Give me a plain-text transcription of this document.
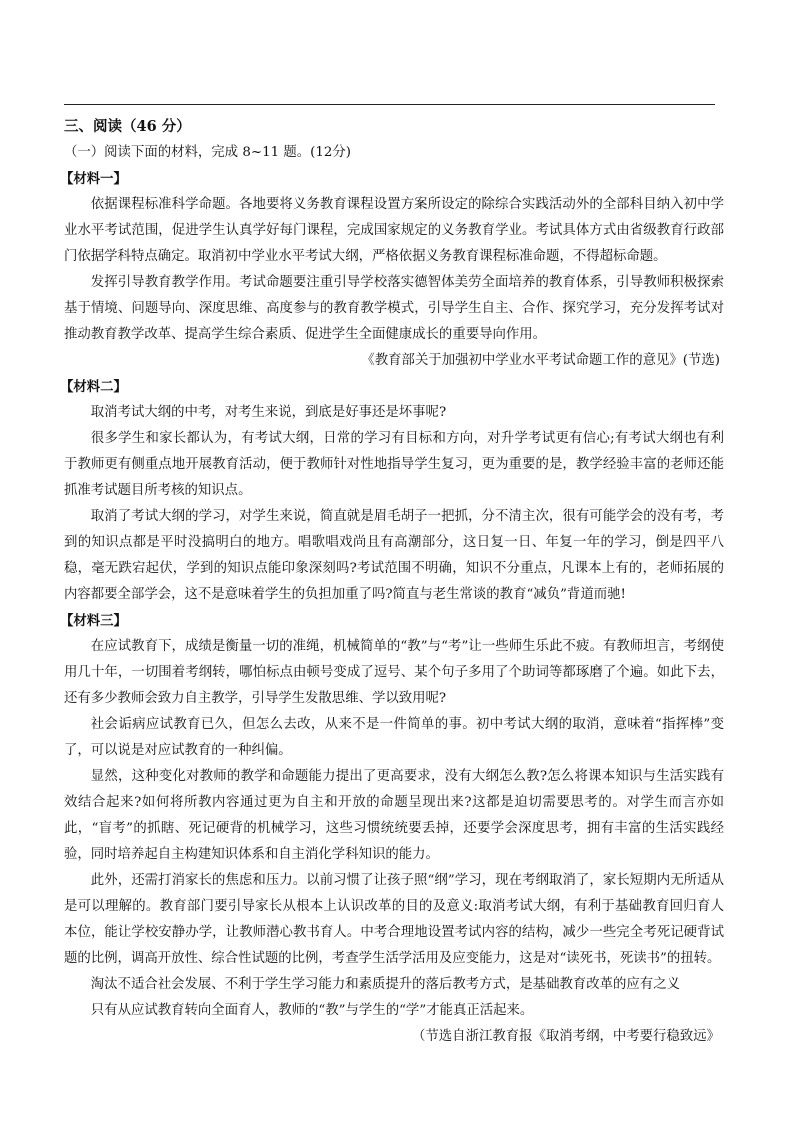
三、阅读（46 分）
（一）阅读下面的材料，完成 8~11 题。(12分)
【材料一】

依据课程标准科学命题。各地要将义务教育课程设置方案所设定的除综合实践活动外的全部科目纳入初中学业水平考试范围，促进学生认真学好每门课程，完成国家规定的义务教育学业。考试具体方式由省级教育行政部门依据学科特点确定。取消初中学业水平考试大纲，严格依据义务教育课程标准命题，不得超标命题。

发挥引导教育教学作用。考试命题要注重引导学校落实德智体美劳全面培养的教育体系，引导教师积极探索基于情境、问题导向、深度思维、高度参与的教育教学模式，引导学生自主、合作、探究学习，充分发挥考试对推动教育教学改革、提高学生综合素质、促进学生全面健康成长的重要导向作用。

《教育部关于加强初中学业水平考试命题工作的意见》(节选)

【材料二】

取消考试大纲的中考，对考生来说，到底是好事还是坏事呢?

很多学生和家长都认为，有考试大纲，日常的学习有目标和方向，对升学考试更有信心;有考试大纲也有利于教师更有侧重点地开展教育活动，便于教师针对性地指导学生复习，更为重要的是，教学经验丰富的老师还能抓准考试题目所考核的知识点。

取消了考试大纲的学习，对学生来说，简直就是眉毛胡子一把抓，分不清主次，很有可能学会的没有考，考到的知识点都是平时没搞明白的地方。唱歌唱戏尚且有高潮部分，这日复一日、年复一年的学习，倒是四平八稳，毫无跌宕起伏，学到的知识点能印象深刻吗?考试范围不明确，知识不分重点，凡课本上有的，老师拓展的内容都要全部学会，这不是意味着学生的负担加重了吗?简直与老生常谈的教育“减负”背道而驰!

【材料三】

在应试教育下，成绩是衡量一切的准绳，机械简单的“教”与“考”让一些师生乐此不疲。有教师坦言，考纲使用几十年，一切围着考纲转，哪怕标点由顿号变成了逗号、某个句子多用了个助词等都琢磨了个遍。如此下去，还有多少教师会致力自主教学，引导学生发散思维、学以致用呢?

社会诟病应试教育已久，但怎么去改，从来不是一件简单的事。初中考试大纲的取消，意味着“指挥棒”变了，可以说是对应试教育的一种纠偏。

显然，这种变化对教师的教学和命题能力提出了更高要求，没有大纲怎么教?怎么将课本知识与生活实践有效结合起来?如何将所教内容通过更为自主和开放的命题呈现出来?这都是迫切需要思考的。对学生而言亦如此，“盲考”的抓瞎、死记硬背的机械学习，这些习惯统统要丢掉，还要学会深度思考，拥有丰富的生活实践经验，同时培养起自主构建知识体系和自主消化学科知识的能力。

此外，还需打消家长的焦虑和压力。以前习惯了让孩子照“纲”学习，现在考纲取消了，家长短期内无所适从是可以理解的。教育部门要引导家长从根本上认识改革的目的及意义:取消考试大纲，有利于基础教育回归育人本位，能让学校安静办学，让教师潜心教书育人。中考合理地设置考试内容的结构，减少一些完全考死记硬背试题的比例，调高开放性、综合性试题的比例，考查学生活学活用及应变能力，这是对“读死书，死读书”的扭转。

淘汰不适合社会发展、不利于学生学习能力和素质提升的落后教考方式，是基础教育改革的应有之义

只有从应试教育转向全面育人，教师的“教”与学生的“学”才能真正活起来。

（节选自浙江教育报《取消考纲，中考要行稳致远》
